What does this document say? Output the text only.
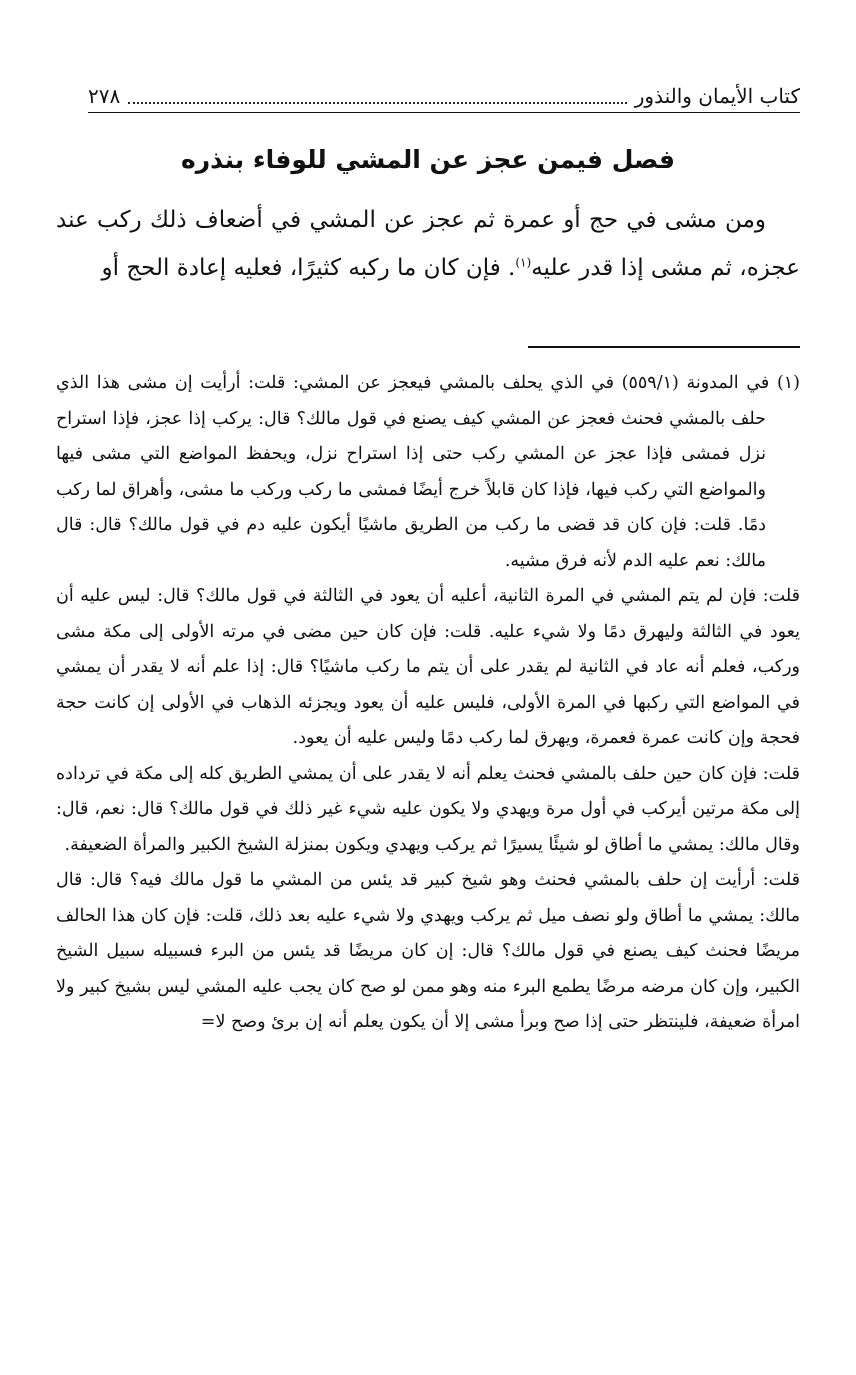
كتاب الأيمان والنذور
٢٧٨
فصل فيمن عجز عن المشي للوفاء بنذره

ومن مشى في حج أو عمرة ثم عجز عن المشي في أضعاف ذلك ركب عند عجزه، ثم مشى إذا قدر عليه$^{(١)}$. فإن كان ما ركبه كثيرًا، فعليه إعادة الحج أو

(١) في المدونة (٥٥٩/١) في الذي يحلف بالمشي فيعجز عن المشي: قلت: أرأيت إن مشى هذا الذي حلف بالمشي فحنث فعجز عن المشي كيف يصنع في قول مالك؟ قال: يركب إذا عجز، فإذا استراح نزل فمشى فإذا عجز عن المشي ركب حتى إذا استراح نزل، ويحفظ المواضع التي مشى فيها والمواضع التي ركب فيها، فإذا كان قابلاً خرج أيضًا فمشى ما ركب وركب ما مشى، وأهراق لما ركب دمًا. قلت: فإن كان قد قضى ما ركب من الطريق ماشيًا أيكون عليه دم في قول مالك؟ قال: قال مالك: نعم عليه الدم لأنه فرق مشيه.

قلت: فإن لم يتم المشي في المرة الثانية، أعليه أن يعود في الثالثة في قول مالك؟ قال: ليس عليه أن يعود في الثالثة وليهرق دمًا ولا شيء عليه. قلت: فإن كان حين مضى في مرته الأولى إلى مكة مشى وركب، فعلم أنه عاد في الثانية لم يقدر على أن يتم ما ركب ماشيًا؟ قال: إذا علم أنه لا يقدر أن يمشي في المواضع التي ركبها في المرة الأولى، فليس عليه أن يعود ويجزئه الذهاب في الأولى إن كانت حجة فحجة وإن كانت عمرة فعمرة، ويهرق لما ركب دمًا وليس عليه أن يعود.

قلت: فإن كان حين حلف بالمشي فحنث يعلم أنه لا يقدر على أن يمشي الطريق كله إلى مكة في ترداده إلى مكة مرتين أيركب في أول مرة ويهدي ولا يكون عليه شيء غير ذلك في قول مالك؟ قال: نعم، قال: وقال مالك: يمشي ما أطاق لو شيئًا يسيرًا ثم يركب ويهدي ويكون بمنزلة الشيخ الكبير والمرأة الضعيفة.

قلت: أرأيت إن حلف بالمشي فحنث وهو شيخ كبير قد يئس من المشي ما قول مالك فيه؟ قال: قال مالك: يمشي ما أطاق ولو نصف ميل ثم يركب ويهدي ولا شيء عليه بعد ذلك، قلت: فإن كان هذا الحالف مريضًا فحنث كيف يصنع في قول مالك؟ قال: إن كان مريضًا قد يئس من البرء فسبيله سبيل الشيخ الكبير، وإن كان مرضه مرضًا يطمع البرء منه وهو ممن لو صح كان يجب عليه المشي ليس بشيخ كبير ولا امرأة ضعيفة، فلينتظر حتى إذا صح وبرأ مشى إلا أن يكون يعلم أنه إن برئ وصح لا=
